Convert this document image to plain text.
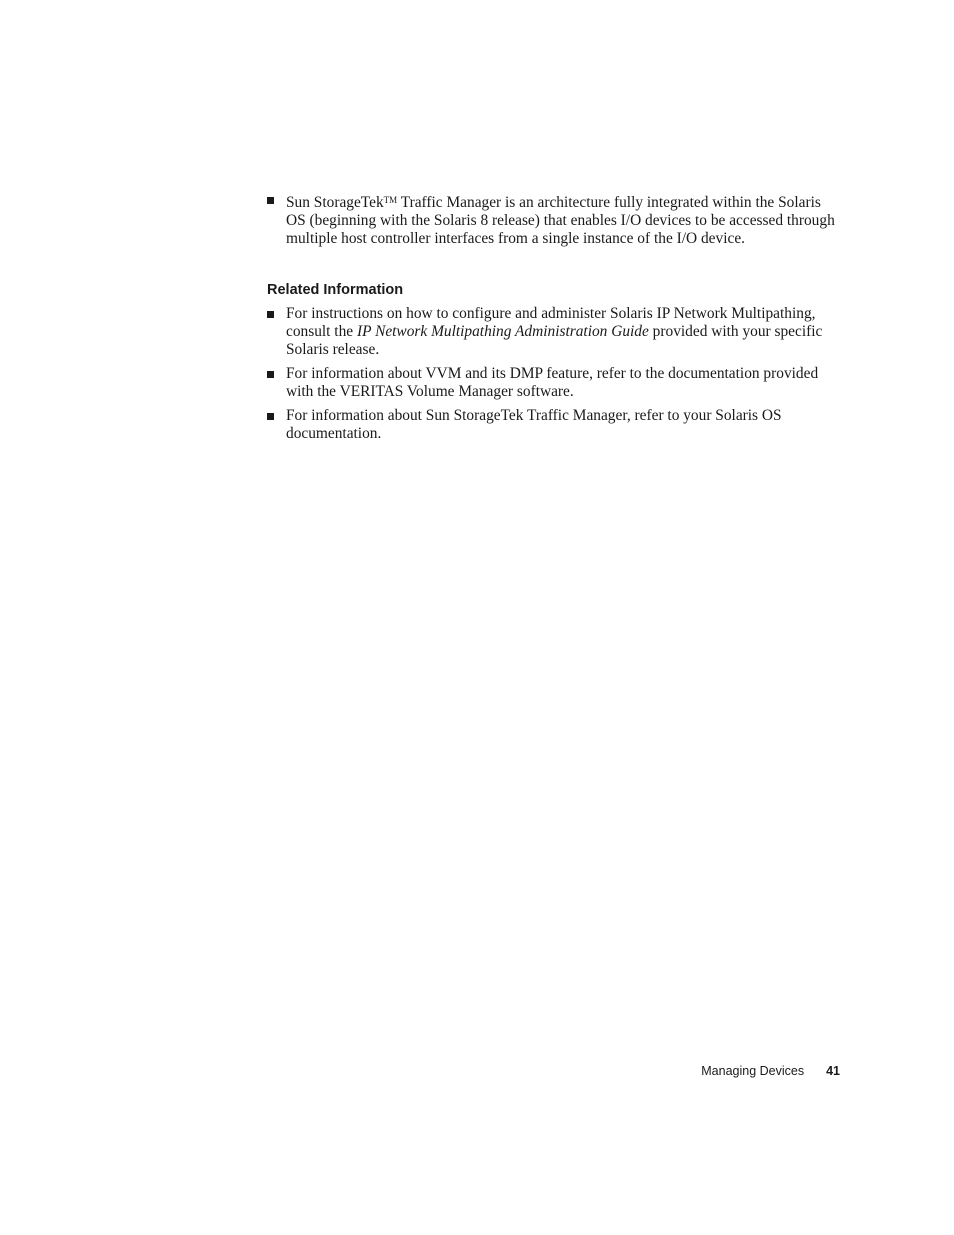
Sun StorageTek™ Traffic Manager is an architecture fully integrated within the Solaris OS (beginning with the Solaris 8 release) that enables I/O devices to be accessed through multiple host controller interfaces from a single instance of the I/O device.
Related Information
For instructions on how to configure and administer Solaris IP Network Multipathing, consult the IP Network Multipathing Administration Guide provided with your specific Solaris release.
For information about VVM and its DMP feature, refer to the documentation provided with the VERITAS Volume Manager software.
For information about Sun StorageTek Traffic Manager, refer to your Solaris OS documentation.
Managing Devices 41
